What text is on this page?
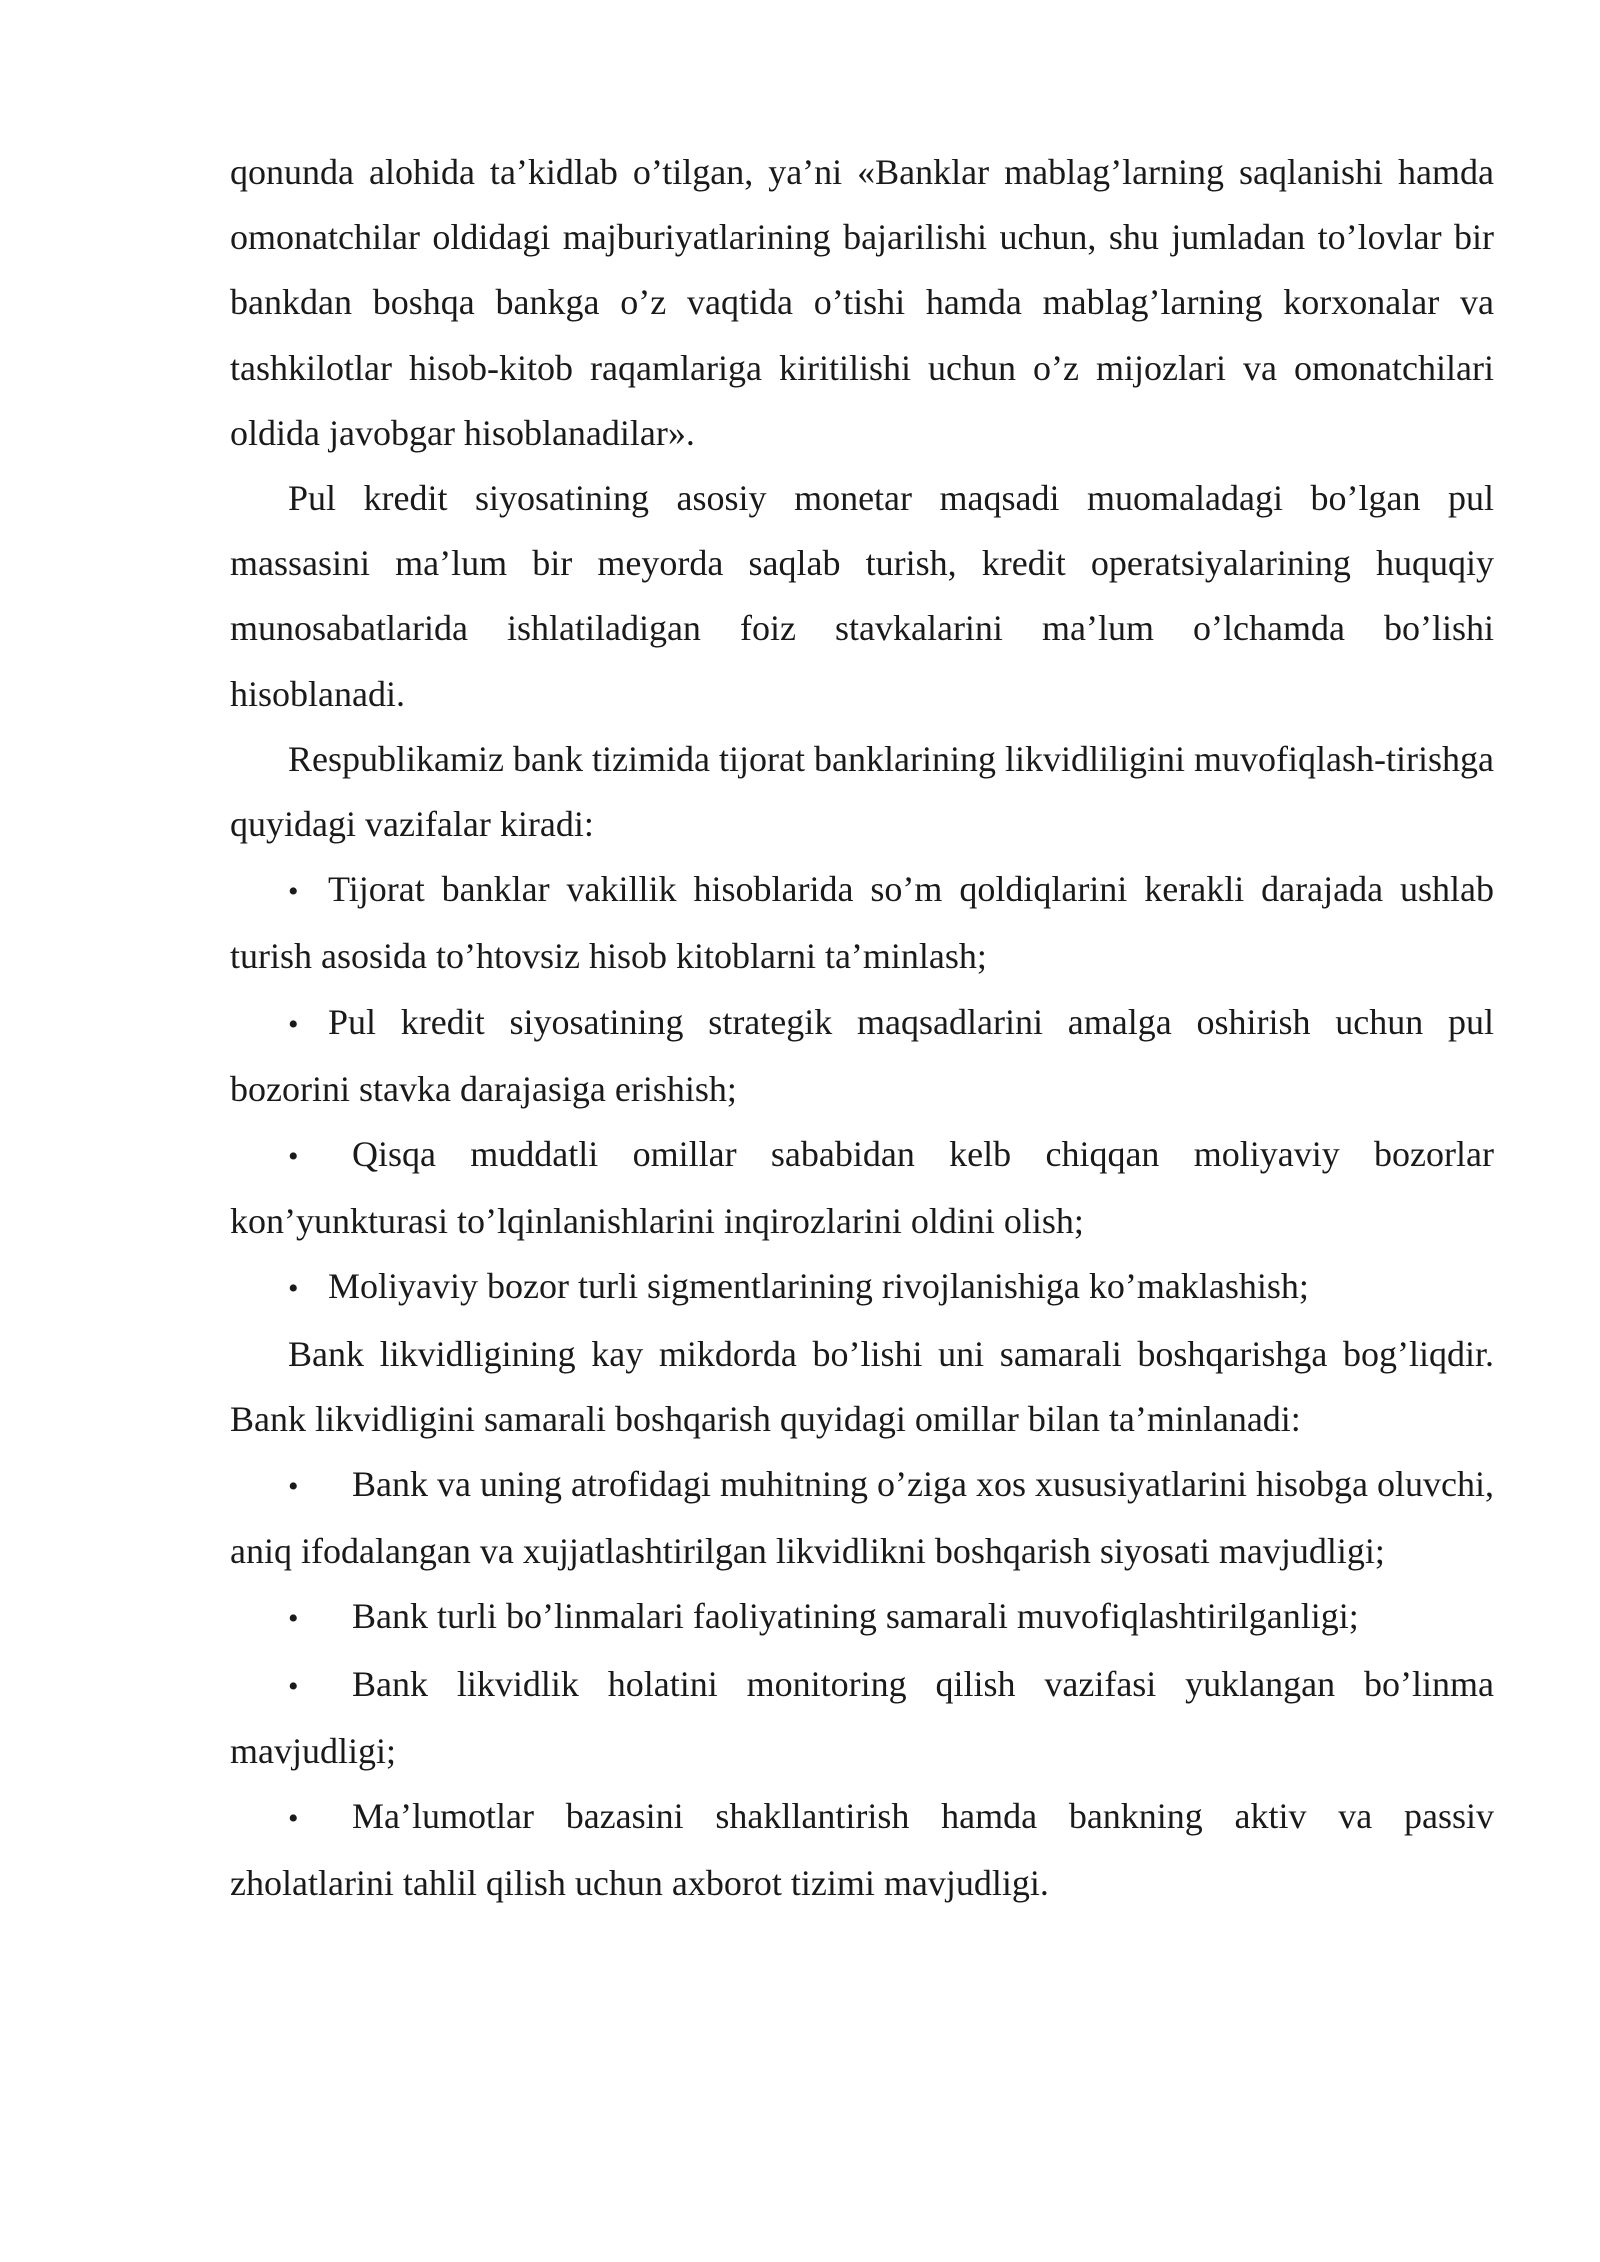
qonunda alohida ta’kidlab o’tilgan, ya’ni «Banklar mablag’larning saqlanishi hamda omonatchilar oldidagi majburiyatlarining bajarilishi uchun, shu jumladan to’lovlar bir bankdan boshqa bankga o’z vaqtida o’tishi hamda mablag’larning korxonalar va tashkilotlar hisob-kitob raqamlariga kiritilishi uchun o’z mijozlari va omonatchilari oldida javobgar hisoblanadilar».

Pul kredit siyosatining asosiy monetar maqsadi muomaladagi bo’lgan pul massasini ma’lum bir meyorda saqlab turish, kredit operatsiyalarining huquqiy munosabatlarida ishlatiladigan foiz stavkalarini ma’lum o’lchamda bo’lishi hisoblanadi.

Respublikamiz bank tizimida tijorat banklarining likvidliligini muvofiqlash-tirishga quyidagi vazifalar kiradi:

• Tijorat banklar vakillik hisoblarida so’m qoldiqlarini kerakli darajada ushlab turish asosida to’htovsiz hisob kitoblarni ta’minlash;

• Pul kredit siyosatining strategik maqsadlarini amalga oshirish uchun pul bozorini stavka darajasiga erishish;

• Qisqa muddatli omillar sababidan kelb chiqqan moliyaviy bozorlar kon’yunkturasi to’lqinlanishlarini inqirozlarini oldini olish;

• Moliyaviy bozor turli sigmentlarining rivojlanishiga ko’maklashish;

Bank likvidligining kay mikdorda bo’lishi uni samarali boshqarishga bog’liqdir. Bank likvidligini samarali boshqarish quyidagi omillar bilan ta’minlanadi:

• Bank va uning atrofidagi muhitning o’ziga xos xususiyatlarini hisobga oluvchi, aniq ifodalangan va xujjatlashtirilgan likvidlikni boshqarish siyosati mavjudligi;

• Bank turli bo’linmalari faoliyatining samarali muvofiqlashtirilganligi;

• Bank likvidlik holatini monitoring qilish vazifasi yuklangan bo’linma mavjudligi;

• Ma’lumotlar bazasini shakllantirish hamda bankning aktiv va passiv zholatlarini tahlil qilish uchun axborot tizimi mavjudligi.
